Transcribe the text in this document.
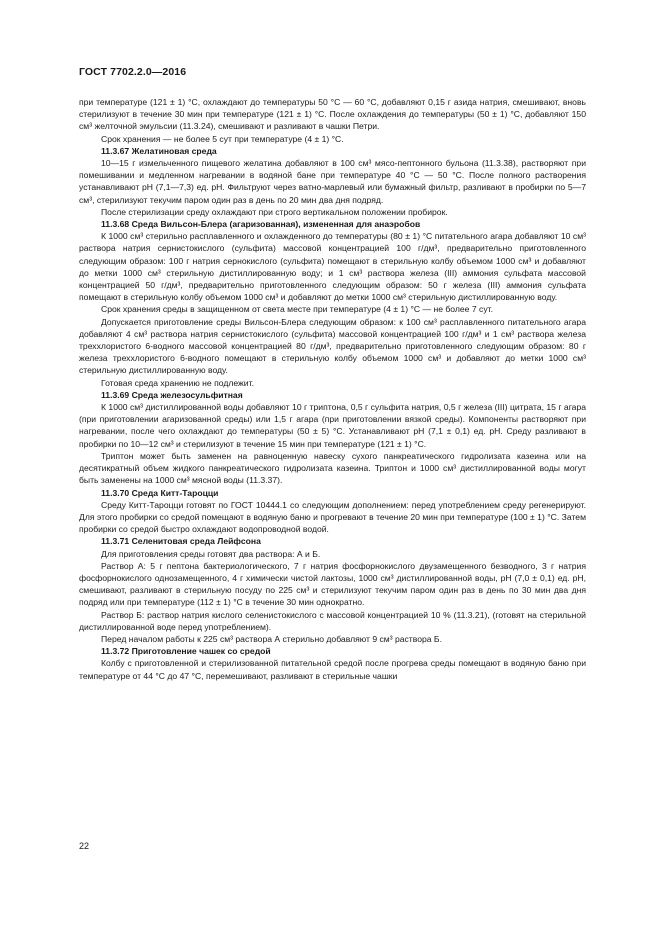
ГОСТ 7702.2.0—2016

при температуре (121 ± 1) °С, охлаждают до температуры 50 °С — 60 °С, добавляют 0,15 г азида натрия, смешивают, вновь стерилизуют в течение 30 мин при температуре (121 ± 1) °С. После охлаждения до температуры (50 ± 1) °С, добавляют 150 см³ желточной эмульсии (11.3.24), смешивают и разливают в чашки Петри.

Срок хранения — не более 5 сут при температуре (4 ± 1) °С.

11.3.67 Желатиновая среда

10—15 г измельченного пищевого желатина добавляют в 100 см³ мясо-пептонного бульона (11.3.38), растворяют при помешивании и медленном нагревании в водяной бане при температуре 40 °С — 50 °С. После полного растворения устанавливают pH (7,1—7,3) ед. pH. Фильтруют через ватно-марлевый или бумажный фильтр, разливают в пробирки по 5—7 см³, стерилизуют текучим паром один раз в день по 20 мин два дня подряд.

После стерилизации среду охлаждают при строго вертикальном положении пробирок.

11.3.68 Среда Вильсон-Блера (агаризованная), измененная для анаэробов

К 1000 см³ стерильно расплавленного и охлажденного до температуры (80 ± 1) °С питательного агара добавляют 10 см³ раствора натрия сернистокислого (сульфита) массовой концентрацией 100 г/дм³, предварительно приготовленного следующим образом: 100 г натрия сернокислого (сульфита) помещают в стерильную колбу объемом 1000 см³ и добавляют до метки 1000 см³ стерильную дистиллированную воду; и 1 см³ раствора железа (III) аммония сульфата массовой концентрацией 50 г/дм³, предварительно приготовленного следующим образом: 50 г железа (III) аммония сульфата помещают в стерильную колбу объемом 1000 см³ и добавляют до метки 1000 см³ стерильную дистиллированную воду.

Срок хранения среды в защищенном от света месте при температуре (4 ± 1) °С — не более 7 сут.

Допускается приготовление среды Вильсон-Блера следующим образом: к 100 см³ расплавленного питательного агара добавляют 4 см³ раствора натрия сернистокислого (сульфита) массовой концентрацией 100 г/дм³ и 1 см³ раствора железа трехxлористого 6-водного массовой концентрацией 80 г/дм³, предварительно приготовленного следующим образом: 80 г железа трехxлористого 6-водного помещают в стерильную колбу объемом 1000 см³ и добавляют до метки 1000 см³ стерильную дистиллированную воду.

Готовая среда хранению не подлежит.

11.3.69 Среда железосульфитная

К 1000 см³ дистиллированной воды добавляют 10 г триптона, 0,5 г сульфита натрия, 0,5 г железа (III) цитрата, 15 г агара (при приготовлении агаризованной среды) или 1,5 г агара (при приготовлении вязкой среды). Компоненты растворяют при нагревании, после чего охлаждают до температуры (50 ± 5) °С. Устанавливают pH (7,1 ± 0,1) ед. pH. Среду разливают в пробирки по 10—12 см³ и стерилизуют в течение 15 мин при температуре (121 ± 1) °С.

Триптон может быть заменен на равноценную навеску сухого панкреатического гидролизата казеина или на десятикратный объем жидкого панкреатического гидролизата казеина. Триптон и 1000 см³ дистиллированной воды могут быть заменены на 1000 см³ мясной воды (11.3.37).

11.3.70 Среда Китт-Тароцци

Среду Китт-Тароцци готовят по ГОСТ 10444.1 со следующим дополнением: перед употреблением среду регенерируют. Для этого пробирки со средой помещают в водяную баню и прогревают в течение 20 мин при температуре (100 ± 1) °С. Затем пробирки со средой быстро охлаждают водопроводной водой.

11.3.71 Селенитовая среда Лейфсона

Для приготовления среды готовят два раствора: А и Б.

Раствор А: 5 г пептона бактериологического, 7 г натрия фосфорнокислого двузамещенного безводного, 3 г натрия фосфорнокислого однозамещенного, 4 г химически чистой лактозы, 1000 см³ дистиллированной воды, pH (7,0 ± 0,1) ед. pH, смешивают, разливают в стерильную посуду по 225 см³ и стерилизуют текучим паром один раз в день по 30 мин два дня подряд или при температуре (112 ± 1) °С в течение 30 мин однократно.

Раствор Б: раствор натрия кислого селенистокислого с массовой концентрацией 10 % (11.3.21), (готовят на стерильной дистиллированной воде перед употреблением).

Перед началом работы к 225 см³ раствора А стерильно добавляют 9 см³ раствора Б.

11.3.72 Приготовление чашек со средой

Колбу с приготовленной и стерилизованной питательной средой после прогрева среды помещают в водяную баню при температуре от 44 °С до 47 °С, перемешивают, разливают в стерильные чашки

22
